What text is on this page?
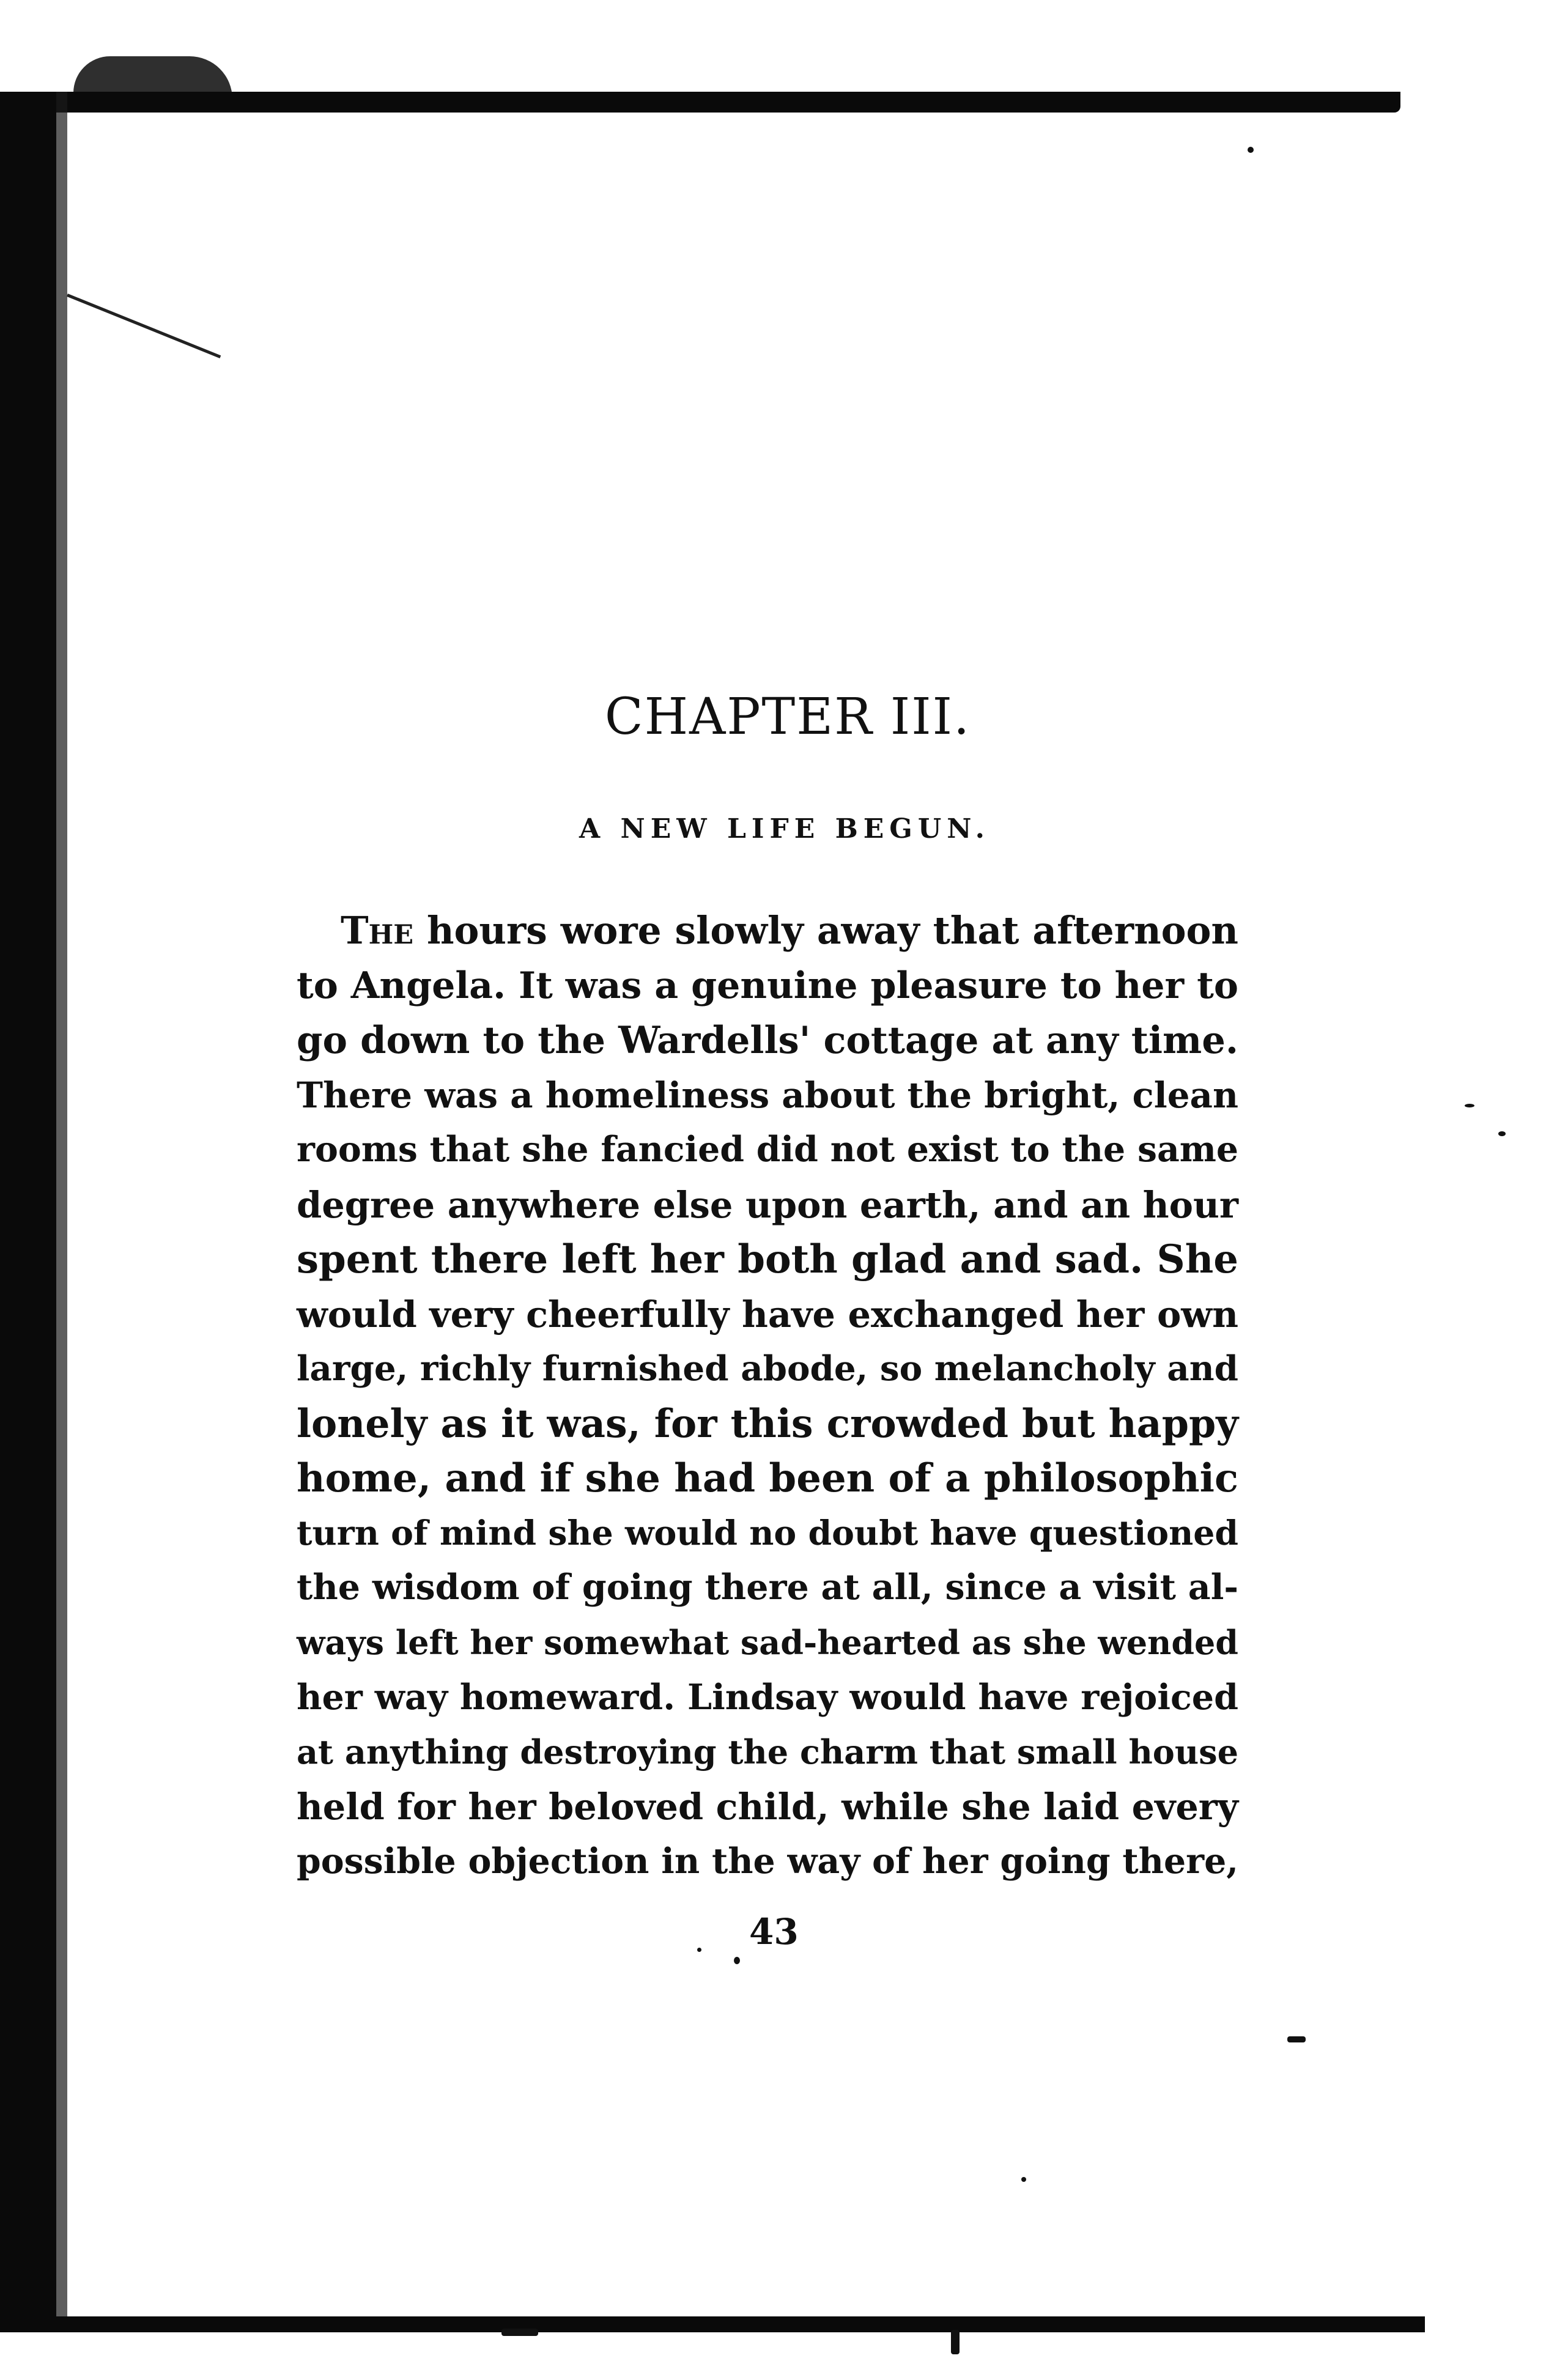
CHAPTER III.
A NEW LIFE BEGUN.
The hours wore slowly away that afternoon
to Angela. It was a genuine pleasure to her to
go down to the Wardells' cottage at any time.
There was a homeliness about the bright, clean
rooms that she fancied did not exist to the same
degree anywhere else upon earth, and an hour
spent there left her both glad and sad. She
would very cheerfully have exchanged her own
large, richly furnished abode, so melancholy and
lonely as it was, for this crowded but happy
home, and if she had been of a philosophic
turn of mind she would no doubt have questioned
the wisdom of going there at all, since a visit al-
ways left her somewhat sad-hearted as she wended
her way homeward. Lindsay would have rejoiced
at anything destroying the charm that small house
held for her beloved child, while she laid every
possible objection in the way of her going there,

43
